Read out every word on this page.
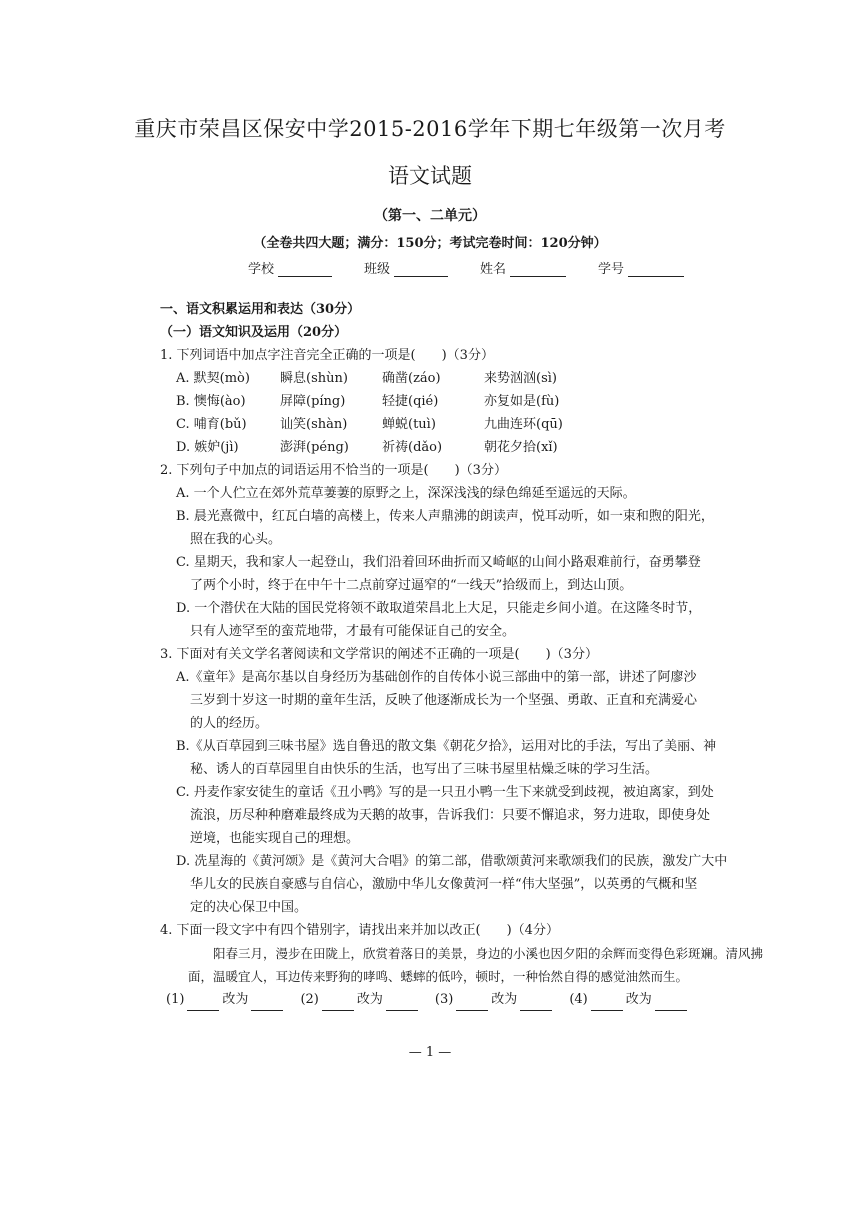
重庆市荣昌区保安中学2015-2016学年下期七年级第一次月考
语文试题
（第一、二单元）
（全卷共四大题；满分：150分；考试完卷时间：120分钟）
学校	班级	姓名	学号
一、语文积累运用和表达（30分）
（一）语文知识及运用（20分）
1. 下列词语中加点字注音完全正确的一项是(　　)（3分）
A. 默契(mò)	瞬息(shùn)	确凿(záo)	来势汹汹(sì)
B. 懊悔(ào)	屏障(píng)	轻捷(qié)	亦复如是(fù)
C. 哺育(bǔ)	讪笑(shàn)	蝉蜕(tuì)	九曲连环(qū)
D. 嫉妒(jì)	澎湃(péng)	祈祷(dǎo)	朝花夕拾(xǐ)
2. 下列句子中加点的词语运用不恰当的一项是(　　)（3分）
A. 一个人伫立在郊外荒草萋萋的原野之上，深深浅浅的绿色绵延至遥远的天际。
B. 晨光熹微中，红瓦白墙的高楼上，传来人声鼎沸的朗读声，悦耳动听，如一束和煦的阳光，
照在我的心头。
C. 星期天，我和家人一起登山，我们沿着回环曲折而又崎岖的山间小路艰难前行，奋勇攀登
了两个小时，终于在中午十二点前穿过逼窄的“一线天”拾级而上，到达山顶。
D. 一个潜伏在大陆的国民党将领不敢取道荣昌北上大足，只能走乡间小道。在这隆冬时节，
只有人迹罕至的蛮荒地带，才最有可能保证自己的安全。
3. 下面对有关文学名著阅读和文学常识的阐述不正确的一项是(　　)（3分）
A.《童年》是高尔基以自身经历为基础创作的自传体小说三部曲中的第一部，讲述了阿廖沙
三岁到十岁这一时期的童年生活，反映了他逐渐成长为一个坚强、勇敢、正直和充满爱心
的人的经历。
B.《从百草园到三味书屋》选自鲁迅的散文集《朝花夕拾》，运用对比的手法，写出了美丽、神
秘、诱人的百草园里自由快乐的生活，也写出了三味书屋里枯燥乏味的学习生活。
C. 丹麦作家安徒生的童话《丑小鸭》写的是一只丑小鸭一生下来就受到歧视，被迫离家，到处
流浪，历尽种种磨难最终成为天鹅的故事，告诉我们：只要不懈追求，努力进取，即使身处
逆境，也能实现自己的理想。
D. 冼星海的《黄河颂》是《黄河大合唱》的第二部，借歌颂黄河来歌颂我们的民族，激发广大中
华儿女的民族自豪感与自信心，激励中华儿女像黄河一样“伟大坚强”，以英勇的气概和坚
定的决心保卫中国。
4. 下面一段文字中有四个错别字，请找出来并加以改正(　　)（4分）
阳春三月，漫步在田陇上，欣赏着落日的美景，身边的小溪也因夕阳的余辉而变得色彩斑斓。清风拂面，温暖宜人，耳边传来野狗的哮鸣、蟋蟀的低吟，顿时，一种怡然自得的感觉油然而生。
(1)	改为	(2)	改为	(3)	改为	(4)	改为
— 1 —
